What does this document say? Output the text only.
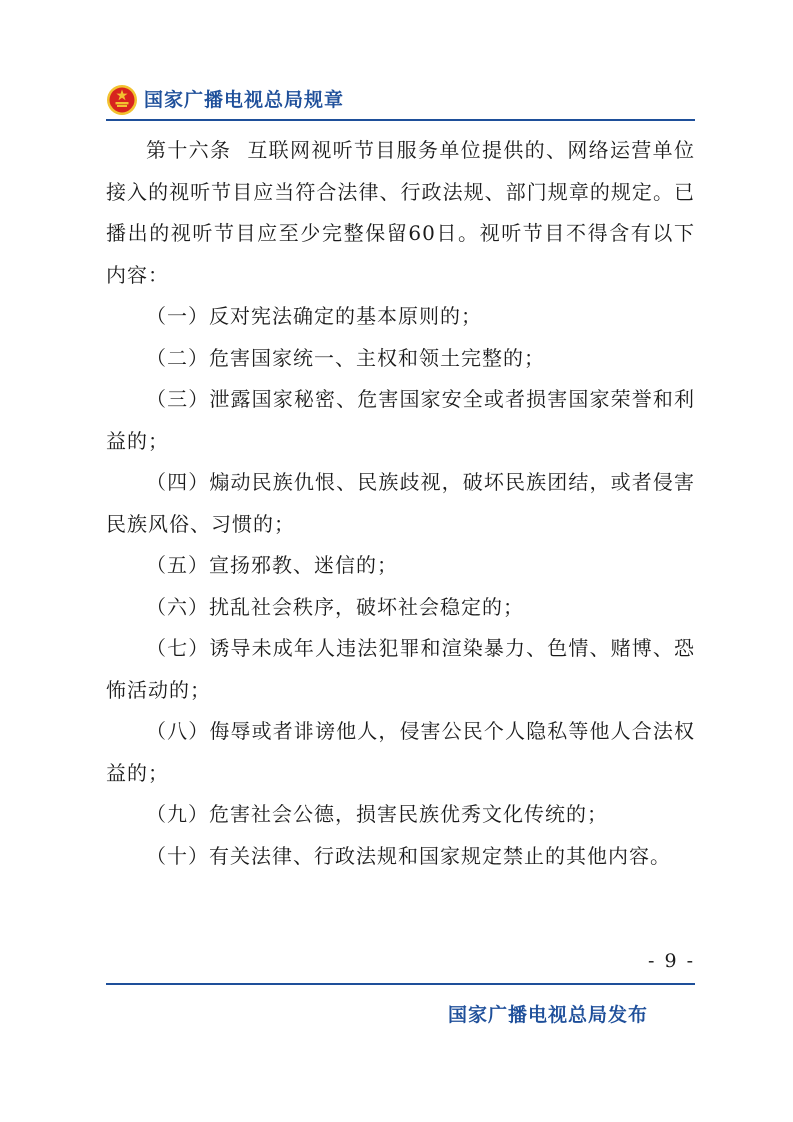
国家广播电视总局规章

第十六条 互联网视听节目服务单位提供的、网络运营单位接入的视听节目应当符合法律、行政法规、部门规章的规定。已播出的视听节目应至少完整保留60日。视听节目不得含有以下内容：

（一）反对宪法确定的基本原则的；

（二）危害国家统一、主权和领土完整的；

（三）泄露国家秘密、危害国家安全或者损害国家荣誉和利益的；

（四）煽动民族仇恨、民族歧视，破坏民族团结，或者侵害民族风俗、习惯的；

（五）宣扬邪教、迷信的；

（六）扰乱社会秩序，破坏社会稳定的；

（七）诱导未成年人违法犯罪和渲染暴力、色情、赌博、恐怖活动的；

（八）侮辱或者诽谤他人，侵害公民个人隐私等他人合法权益的；

（九）危害社会公德，损害民族优秀文化传统的；

（十）有关法律、行政法规和国家规定禁止的其他内容。

- 9 -
国家广播电视总局发布
